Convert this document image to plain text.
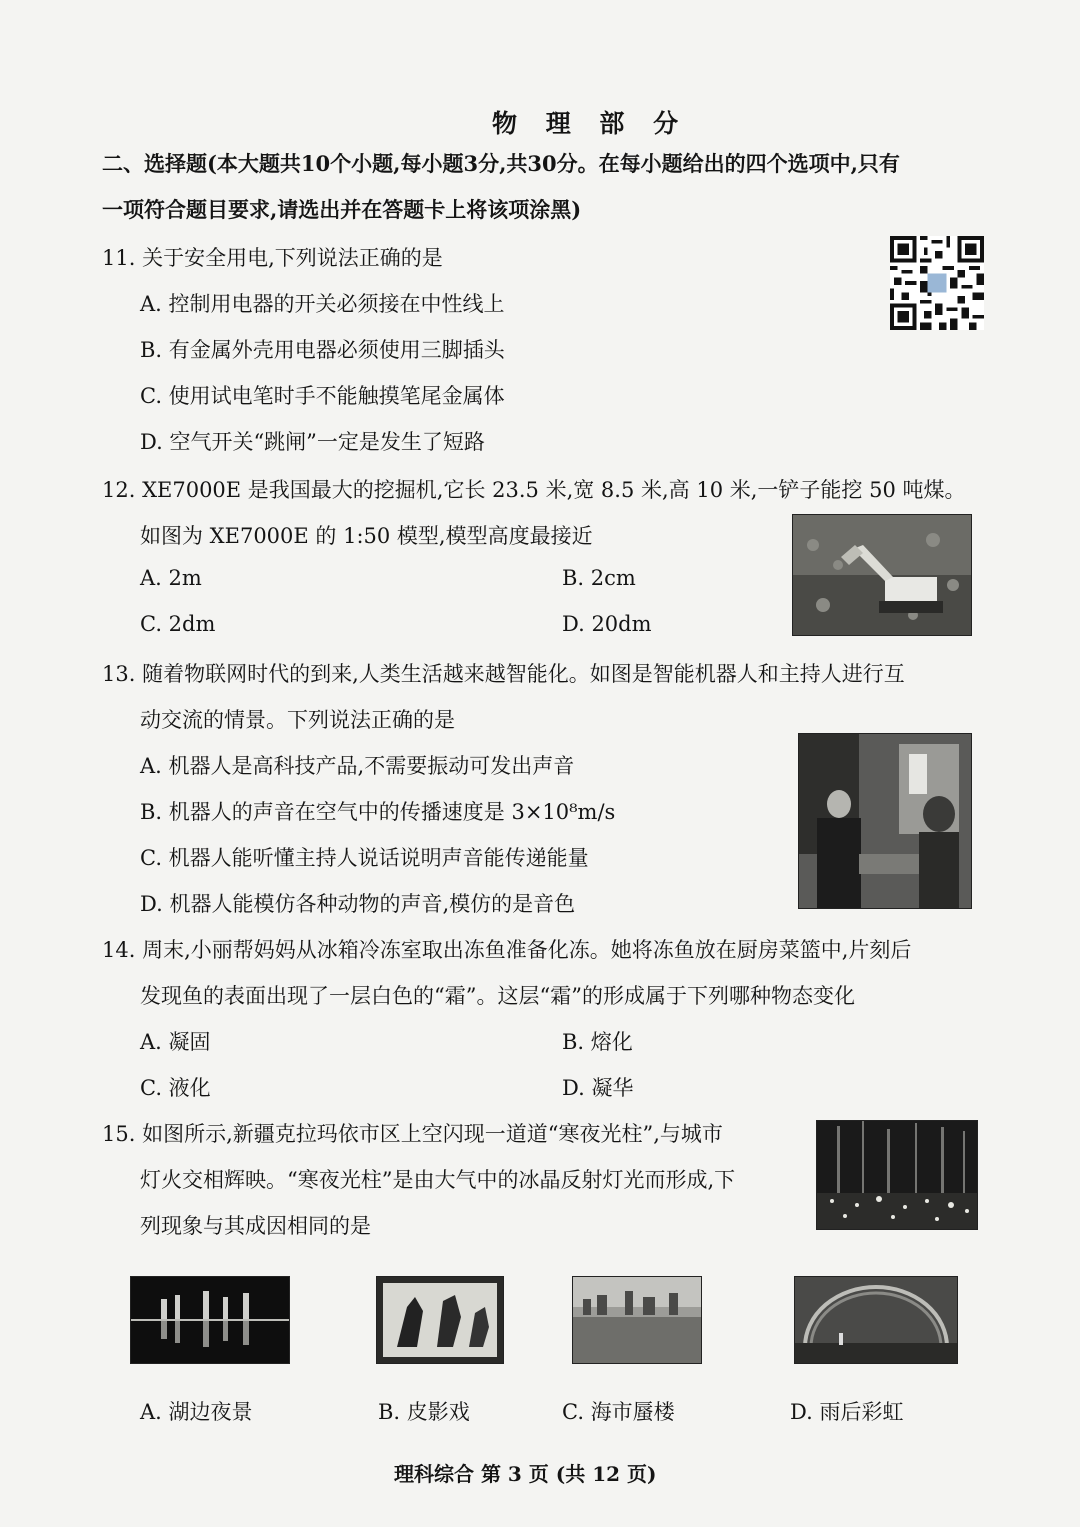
物 理 部 分
二、选择题(本大题共10个小题,每小题3分,共30分。在每小题给出的四个选项中,只有
一项符合题目要求,请选出并在答题卡上将该项涂黑)
11. 关于安全用电,下列说法正确的是
A. 控制用电器的开关必须接在中性线上
B. 有金属外壳用电器必须使用三脚插头
C. 使用试电笔时手不能触摸笔尾金属体
D. 空气开关“跳闸”一定是发生了短路
12. XE7000E 是我国最大的挖掘机,它长 23.5 米,宽 8.5 米,高 10 米,一铲子能挖 50 吨煤。
如图为 XE7000E 的 1:50 模型,模型高度最接近
A. 2m	B. 2cm
C. 2dm	D. 20dm
13. 随着物联网时代的到来,人类生活越来越智能化。如图是智能机器人和主持人进行互
动交流的情景。下列说法正确的是
A. 机器人是高科技产品,不需要振动可发出声音
B. 机器人的声音在空气中的传播速度是 3×10⁸m/s
C. 机器人能听懂主持人说话说明声音能传递能量
D. 机器人能模仿各种动物的声音,模仿的是音色
14. 周末,小丽帮妈妈从冰箱冷冻室取出冻鱼准备化冻。她将冻鱼放在厨房菜篮中,片刻后
发现鱼的表面出现了一层白色的“霜”。这层“霜”的形成属于下列哪种物态变化
A. 凝固	B. 熔化
C. 液化	D. 凝华
15. 如图所示,新疆克拉玛依市区上空闪现一道道“寒夜光柱”,与城市
灯火交相辉映。“寒夜光柱”是由大气中的冰晶反射灯光而形成,下
列现象与其成因相同的是
A. 湖边夜景	B. 皮影戏	C. 海市蜃楼	D. 雨后彩虹
理科综合 第 3 页 (共 12 页)
